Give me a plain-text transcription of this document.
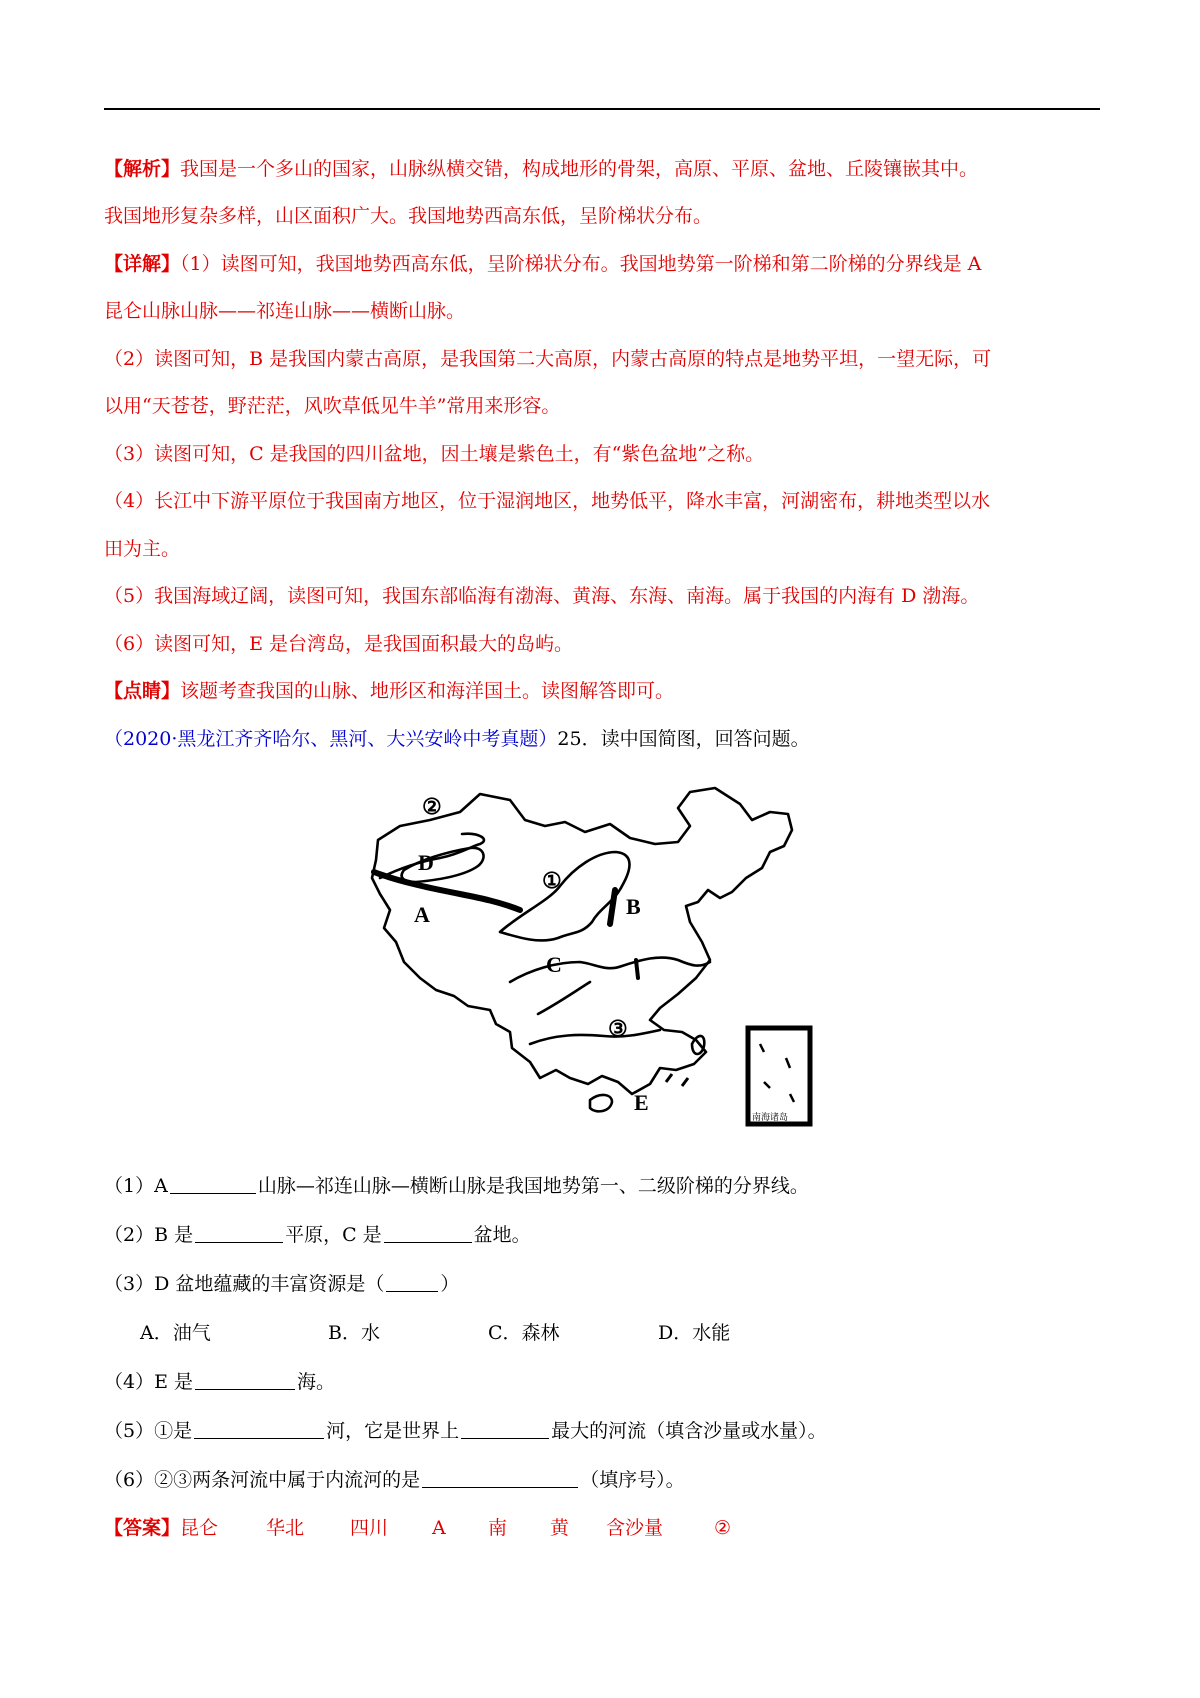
【解析】我国是一个多山的国家，山脉纵横交错，构成地形的骨架，高原、平原、盆地、丘陵镶嵌其中。
我国地形复杂多样，山区面积广大。我国地势西高东低，呈阶梯状分布。
【详解】（1）读图可知，我国地势西高东低，呈阶梯状分布。我国地势第一阶梯和第二阶梯的分界线是 A
昆仑山脉山脉——祁连山脉——横断山脉。
（2）读图可知，B 是我国内蒙古高原，是我国第二大高原，内蒙古高原的特点是地势平坦，一望无际，可
以用“天苍苍，野茫茫，风吹草低见牛羊”常用来形容。
（3）读图可知，C 是我国的四川盆地，因土壤是紫色土，有“紫色盆地”之称。
（4）长江中下游平原位于我国南方地区，位于湿润地区，地势低平，降水丰富，河湖密布，耕地类型以水
田为主。
（5）我国海域辽阔，读图可知，我国东部临海有渤海、黄海、东海、南海。属于我国的内海有 D 渤海。
（6）读图可知，E 是台湾岛，是我国面积最大的岛屿。
【点睛】该题考查我国的山脉、地形区和海洋国土。读图解答即可。
（2020·黑龙江齐齐哈尔、黑河、大兴安岭中考真题）25．读中国简图，回答问题。
南海诸岛
②
D
A
①
B
C
③
E
（1）A	山脉—祁连山脉—横断山脉是我国地势第一、二级阶梯的分界线。
（2）B 是	平原，C 是	盆地。
（3）D 盆地蕴藏的丰富资源是（	）
A．油气	B．水	C．森林	D．水能
（4）E 是	海。
（5）①是	河，它是世界上	最大的河流（填含沙量或水量）。
（6）②③两条河流中属于内流河的是	（填序号）。
【答案】昆仑	华北 四川 A 南 黄 含沙量	②
